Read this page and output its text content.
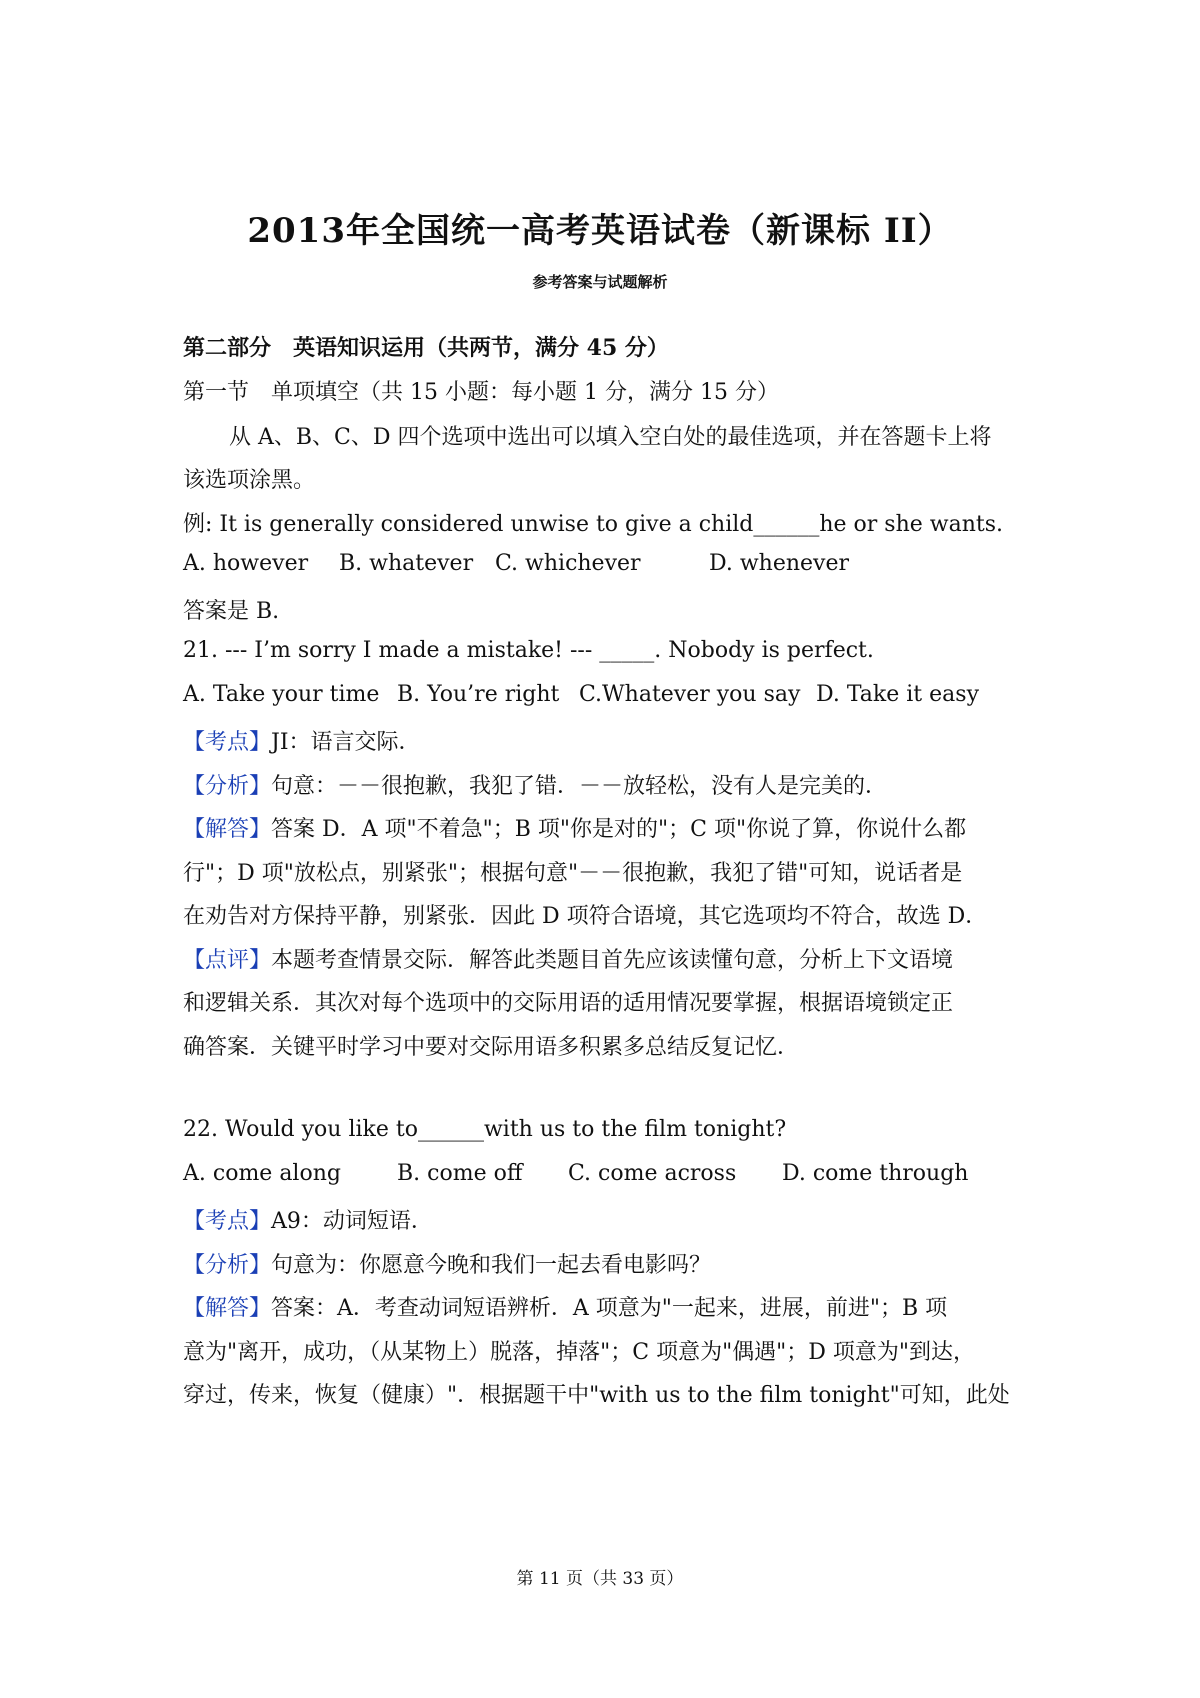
2013年全国统一高考英语试卷（新课标 II）
参考答案与试题解析
第二部分　英语知识运用（共两节，满分 45 分）
第一节　单项填空（共 15 小题：每小题 1 分，满分 15 分）
从 A、B、C、D 四个选项中选出可以填入空白处的最佳选项，并在答题卡上将
该选项涂黑。
例: It is generally considered unwise to give a child______he or she wants.
A. however B. whatever C. whichever	D. whenever
答案是 B.
21. --- I’m sorry I made a mistake! --- _____. Nobody is perfect.
A. Take your time B. You’re right C.Whatever you say D. Take it easy
【考点】JI：语言交际．
【分析】句意：－－很抱歉，我犯了错．－－放轻松，没有人是完美的．
【解答】答案 D．A 项"不着急"；B 项"你是对的"；C 项"你说了算，你说什么都
行"；D 项"放松点，别紧张"；根据句意"－－很抱歉，我犯了错"可知，说话者是
在劝告对方保持平静，别紧张．因此 D 项符合语境，其它选项均不符合，故选 D．
【点评】本题考查情景交际．解答此类题目首先应该读懂句意，分析上下文语境
和逻辑关系．其次对每个选项中的交际用语的适用情况要掌握，根据语境锁定正
确答案．关键平时学习中要对交际用语多积累多总结反复记忆．
22. Would you like to______with us to the film tonight?
A. come along	B. come off C. come across D. come through
【考点】A9：动词短语．
【分析】句意为：你愿意今晚和我们一起去看电影吗？
【解答】答案：A．考查动词短语辨析．A 项意为"一起来，进展，前进"；B 项
意为"离开，成功，（从某物上）脱落，掉落"；C 项意为"偶遇"；D 项意为"到达，
穿过，传来，恢复（健康）"．根据题干中"with us to the film tonight"可知，此处
第 11 页（共 33 页）
